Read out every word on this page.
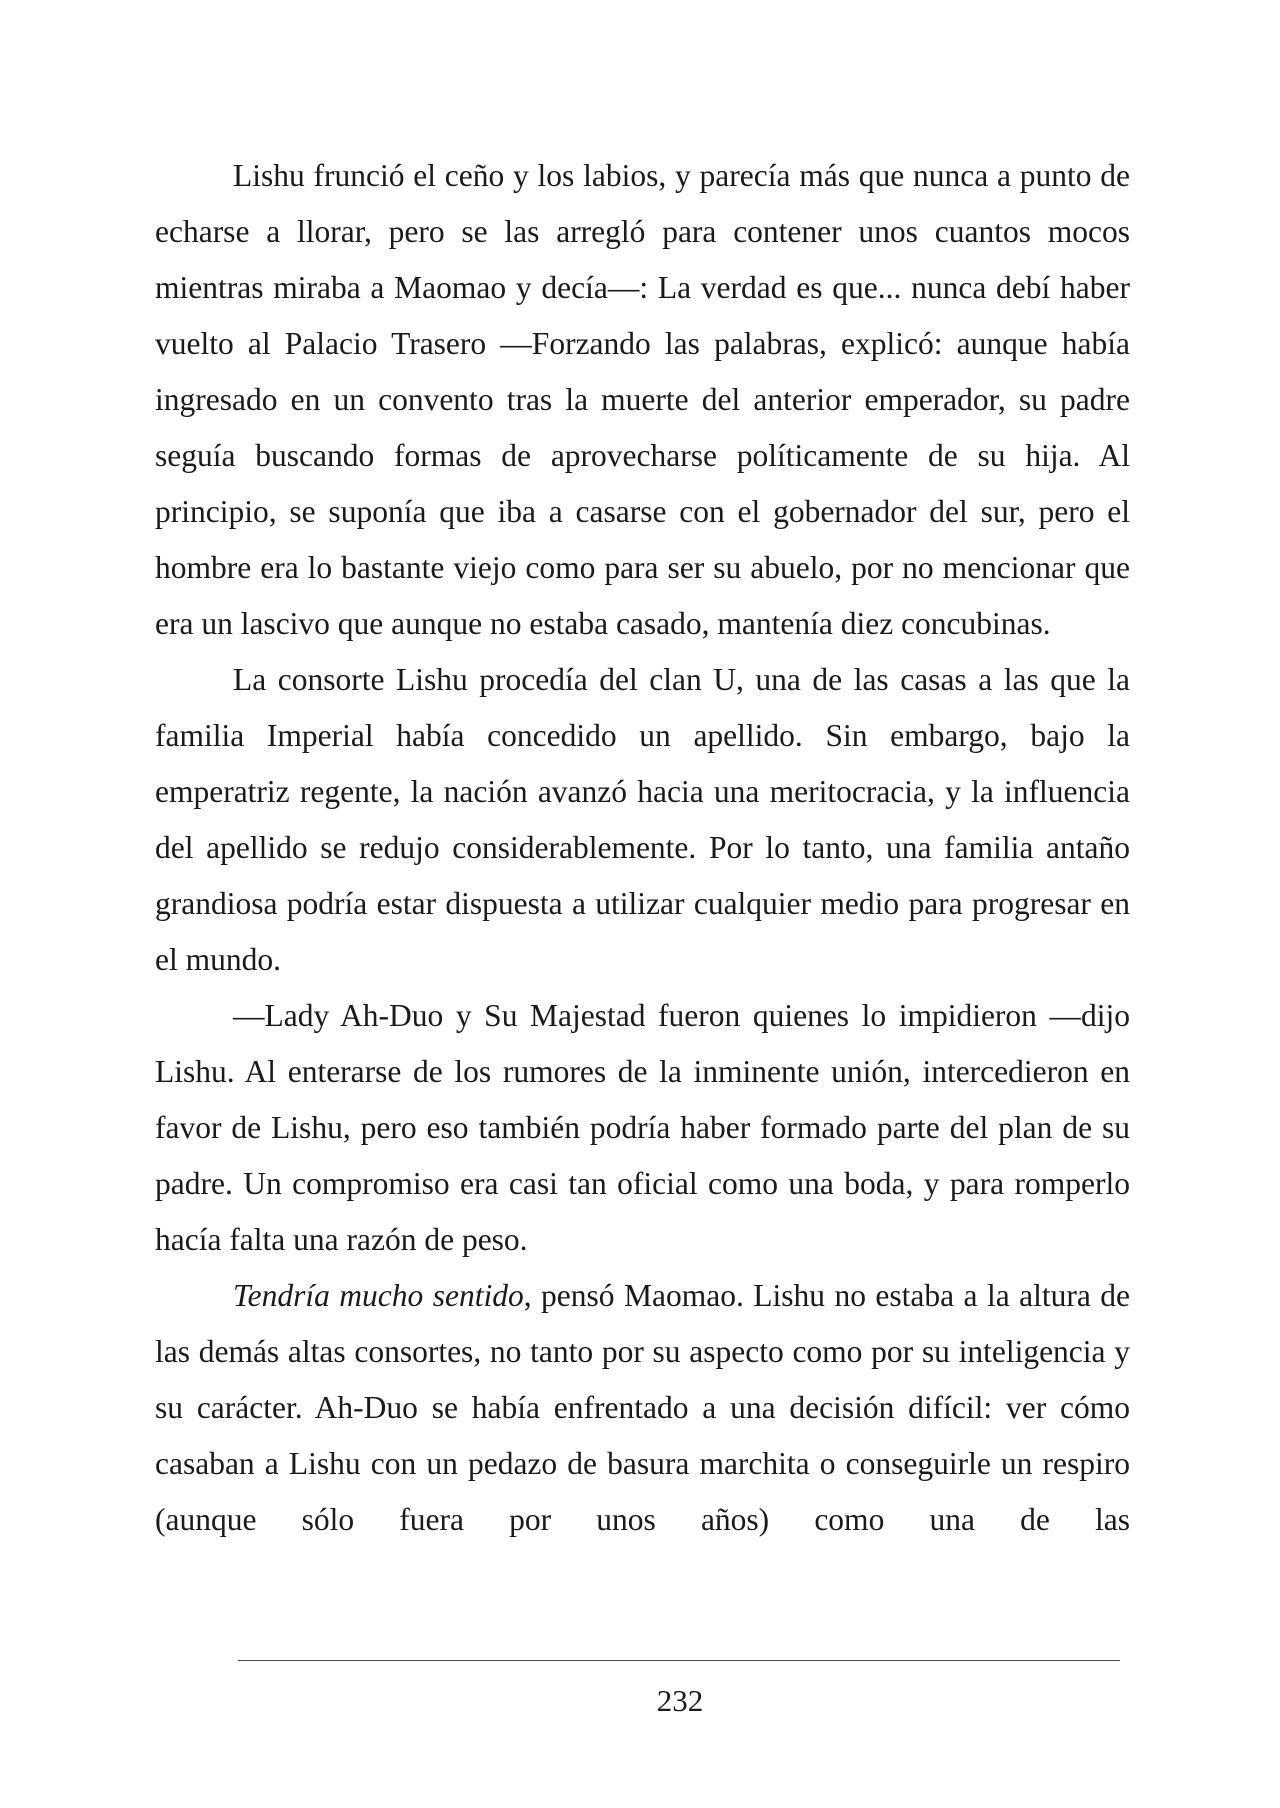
Lishu frunció el ceño y los labios, y parecía más que nunca a punto de echarse a llorar, pero se las arregló para contener unos cuantos mocos mientras miraba a Maomao y decía—: La verdad es que... nunca debí haber vuelto al Palacio Trasero —Forzando las palabras, explicó: aunque había ingresado en un convento tras la muerte del anterior emperador, su padre seguía buscando formas de aprovecharse políticamente de su hija. Al principio, se suponía que iba a casarse con el gobernador del sur, pero el hombre era lo bastante viejo como para ser su abuelo, por no mencionar que era un lascivo que aunque no estaba casado, mantenía diez concubinas.

La consorte Lishu procedía del clan U, una de las casas a las que la familia Imperial había concedido un apellido. Sin embargo, bajo la emperatriz regente, la nación avanzó hacia una meritocracia, y la influencia del apellido se redujo considerablemente. Por lo tanto, una familia antaño grandiosa podría estar dispuesta a utilizar cualquier medio para progresar en el mundo.

—Lady Ah-Duo y Su Majestad fueron quienes lo impidieron —dijo Lishu. Al enterarse de los rumores de la inminente unión, intercedieron en favor de Lishu, pero eso también podría haber formado parte del plan de su padre. Un compromiso era casi tan oficial como una boda, y para romperlo hacía falta una razón de peso.

Tendría mucho sentido, pensó Maomao. Lishu no estaba a la altura de las demás altas consortes, no tanto por su aspecto como por su inteligencia y su carácter. Ah-Duo se había enfrentado a una decisión difícil: ver cómo casaban a Lishu con un pedazo de basura marchita o conseguirle un respiro (aunque sólo fuera por unos años) como una de las

232
